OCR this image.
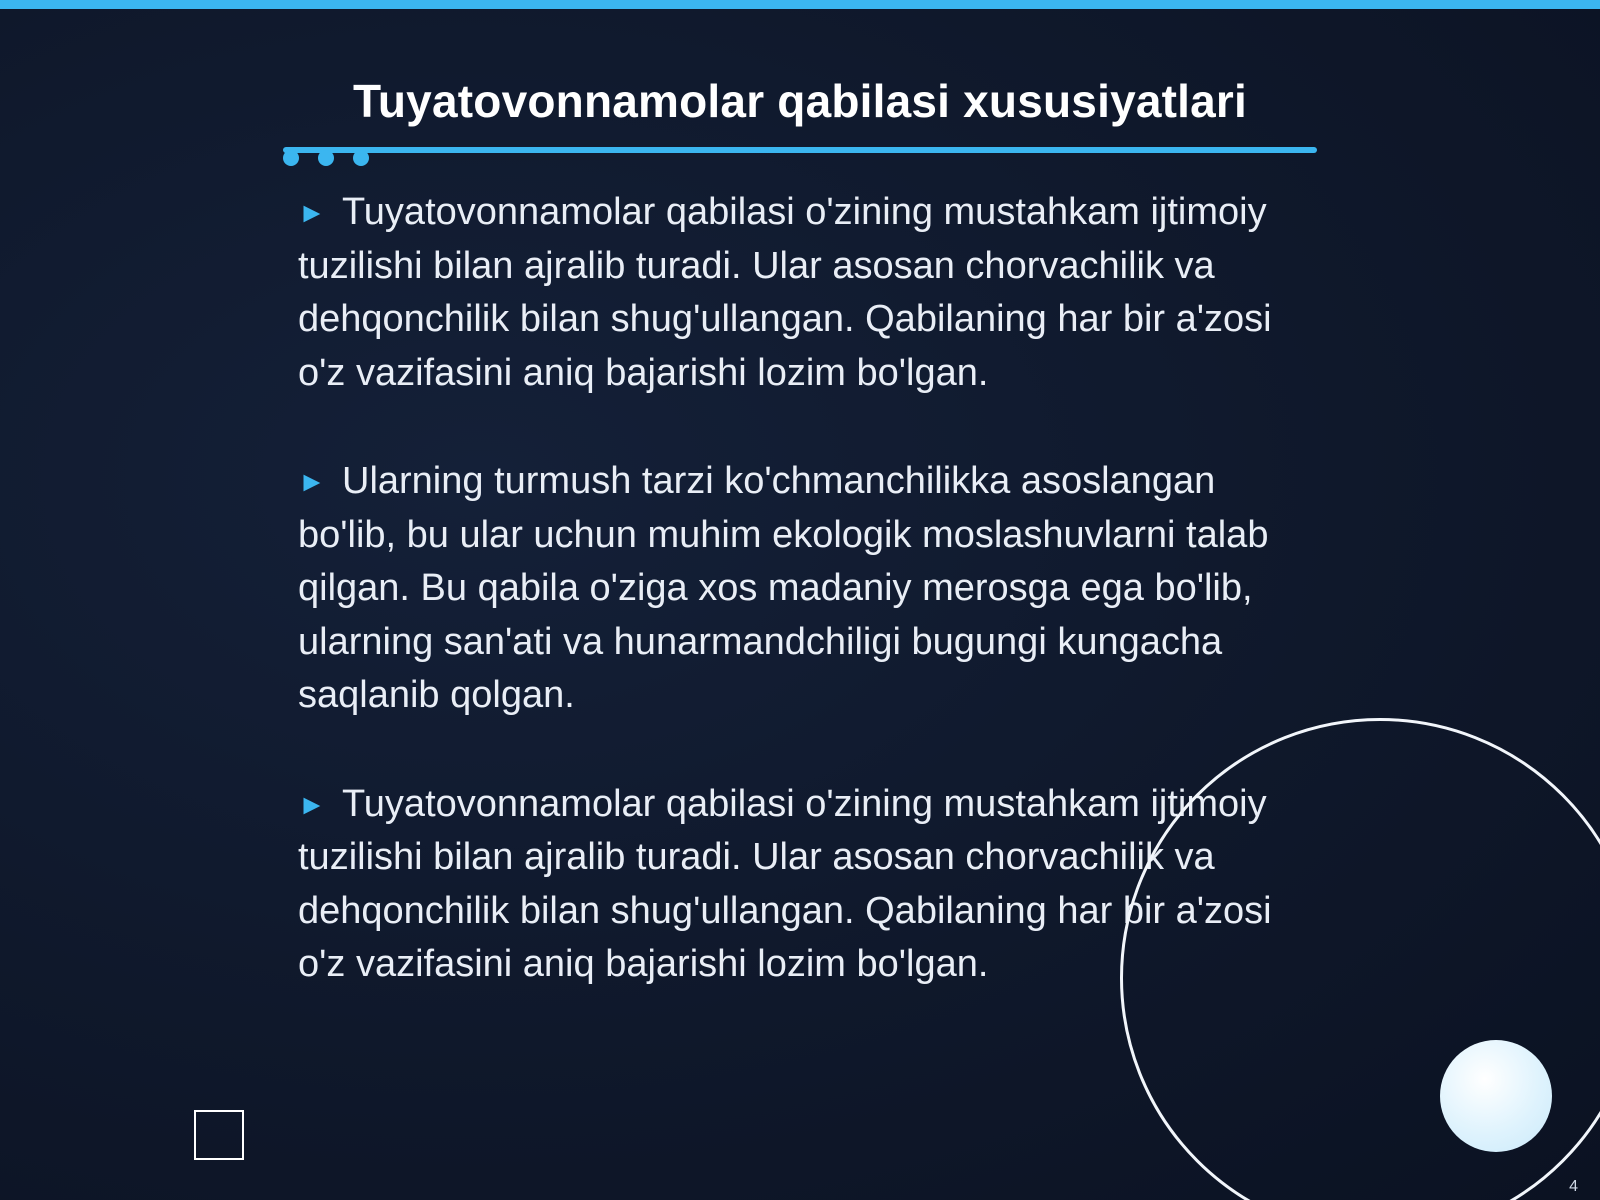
Tuyatovonnamolar qabilasi xususiyatlari
► Tuyatovonnamolar qabilasi o'zining mustahkam ijtimoiy tuzilishi bilan ajralib turadi. Ular asosan chorvachilik va dehqonchilik bilan shug'ullangan. Qabilaning har bir a'zosi o'z vazifasini aniq bajarishi lozim bo'lgan.
► Ularning turmush tarzi ko'chmanchilikka asoslangan bo'lib, bu ular uchun muhim ekologik moslashuvlarni talab qilgan. Bu qabila o'ziga xos madaniy merosga ega bo'lib, ularning san'ati va hunarmandchiligi bugungi kungacha saqlanib qolgan.
► Tuyatovonnamolar qabilasi o'zining mustahkam ijtimoiy tuzilishi bilan ajralib turadi. Ular asosan chorvachilik va dehqonchilik bilan shug'ullangan. Qabilaning har bir a'zosi o'z vazifasini aniq bajarishi lozim bo'lgan.
4
